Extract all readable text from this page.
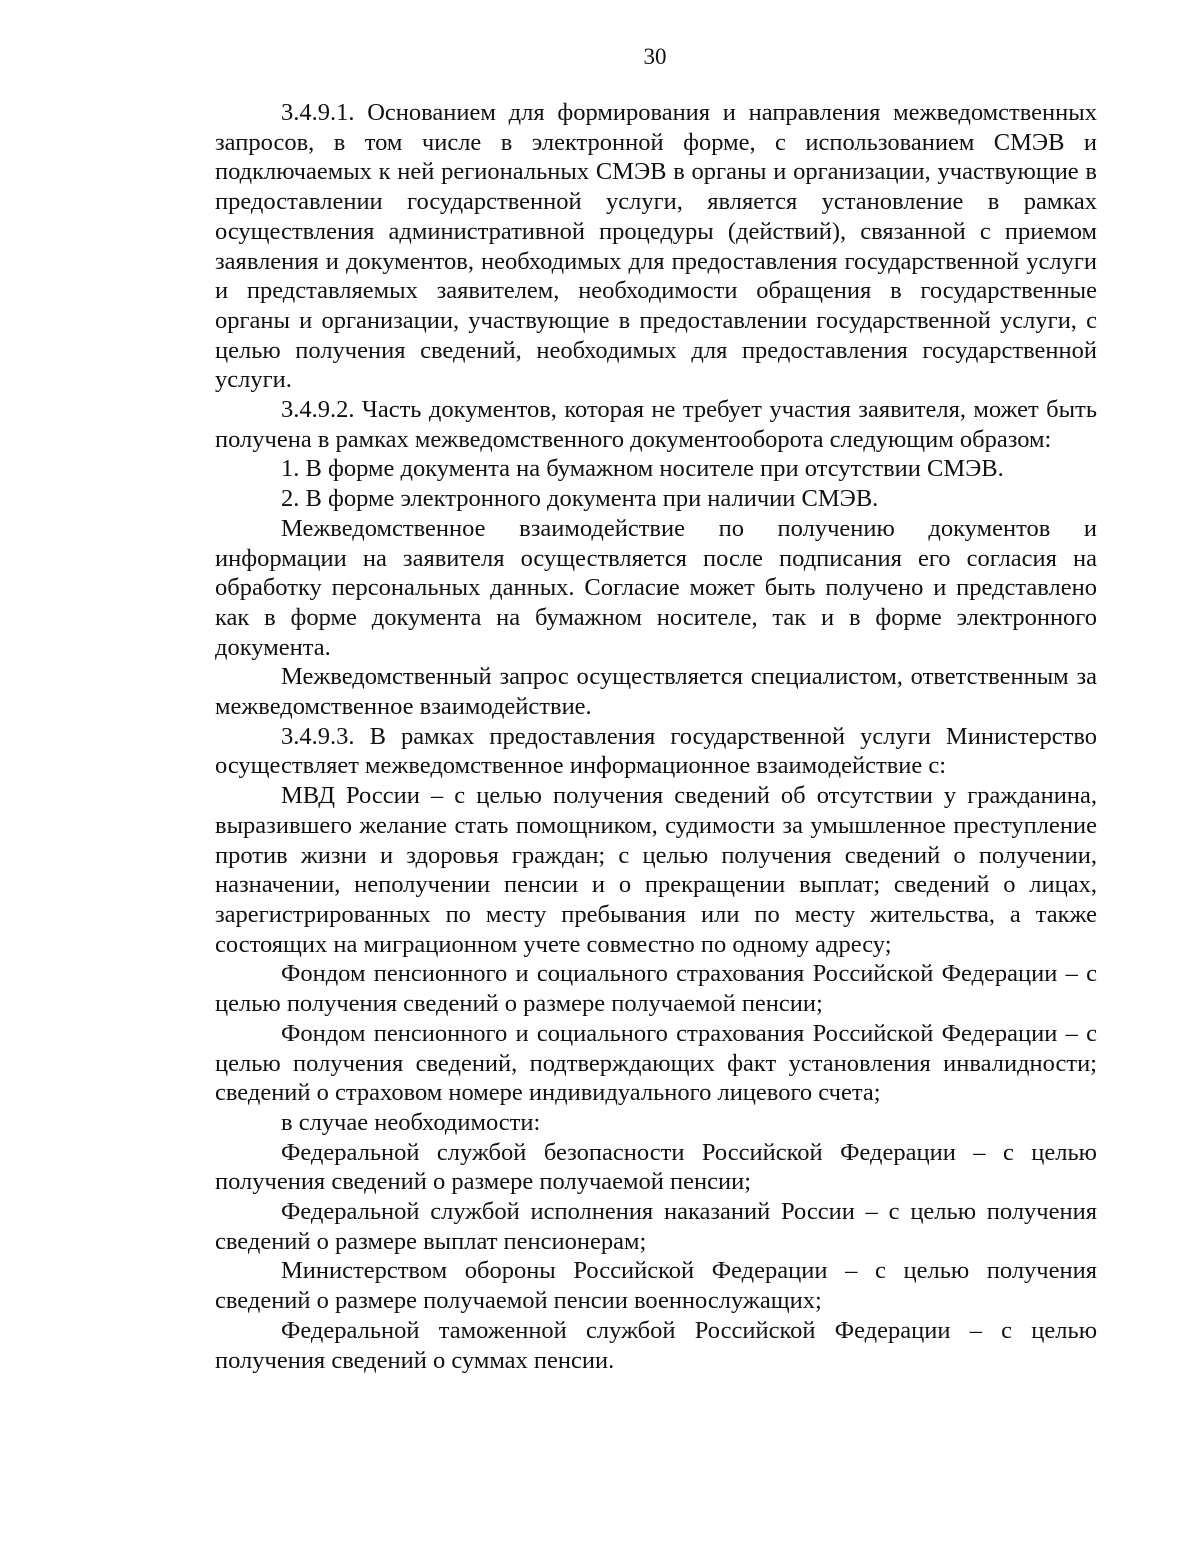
30

3.4.9.1. Основанием для формирования и направления межведомственных запросов, в том числе в электронной форме, с использованием СМЭВ и подключаемых к ней региональных СМЭВ в органы и организации, участвующие в предоставлении государственной услуги, является установление в рамках осуществления административной процедуры (действий), связанной с приемом заявления и документов, необходимых для предоставления государственной услуги и представляемых заявителем, необходимости обращения в государственные органы и организации, участвующие в предоставлении государственной услуги, с целью получения сведений, необходимых для предоставления государственной услуги.

3.4.9.2. Часть документов, которая не требует участия заявителя, может быть получена в рамках межведомственного документооборота следующим образом:

1. В форме документа на бумажном носителе при отсутствии СМЭВ.

2. В форме электронного документа при наличии СМЭВ.

Межведомственное взаимодействие по получению документов и информации на заявителя осуществляется после подписания его согласия на обработку персональных данных. Согласие может быть получено и представлено как в форме документа на бумажном носителе, так и в форме электронного документа.

Межведомственный запрос осуществляется специалистом, ответственным за межведомственное взаимодействие.

3.4.9.3. В рамках предоставления государственной услуги Министерство осуществляет межведомственное информационное взаимодействие с:

МВД России – с целью получения сведений об отсутствии у гражданина, выразившего желание стать помощником, судимости за умышленное преступление против жизни и здоровья граждан; с целью получения сведений о получении, назначении, неполучении пенсии и о прекращении выплат; сведений о лицах, зарегистрированных по месту пребывания или по месту жительства, а также состоящих на миграционном учете совместно по одному адресу;

Фондом пенсионного и социального страхования Российской Федерации – с целью получения сведений о размере получаемой пенсии;

Фондом пенсионного и социального страхования Российской Федерации – с целью получения сведений, подтверждающих факт установления инвалидности; сведений о страховом номере индивидуального лицевого счета;

в случае необходимости:

Федеральной службой безопасности Российской Федерации – с целью получения сведений о размере получаемой пенсии;

Федеральной службой исполнения наказаний России – с целью получения сведений о размере выплат пенсионерам;

Министерством обороны Российской Федерации – с целью получения сведений о размере получаемой пенсии военнослужащих;

Федеральной таможенной службой Российской Федерации – с целью получения сведений о суммах пенсии.
